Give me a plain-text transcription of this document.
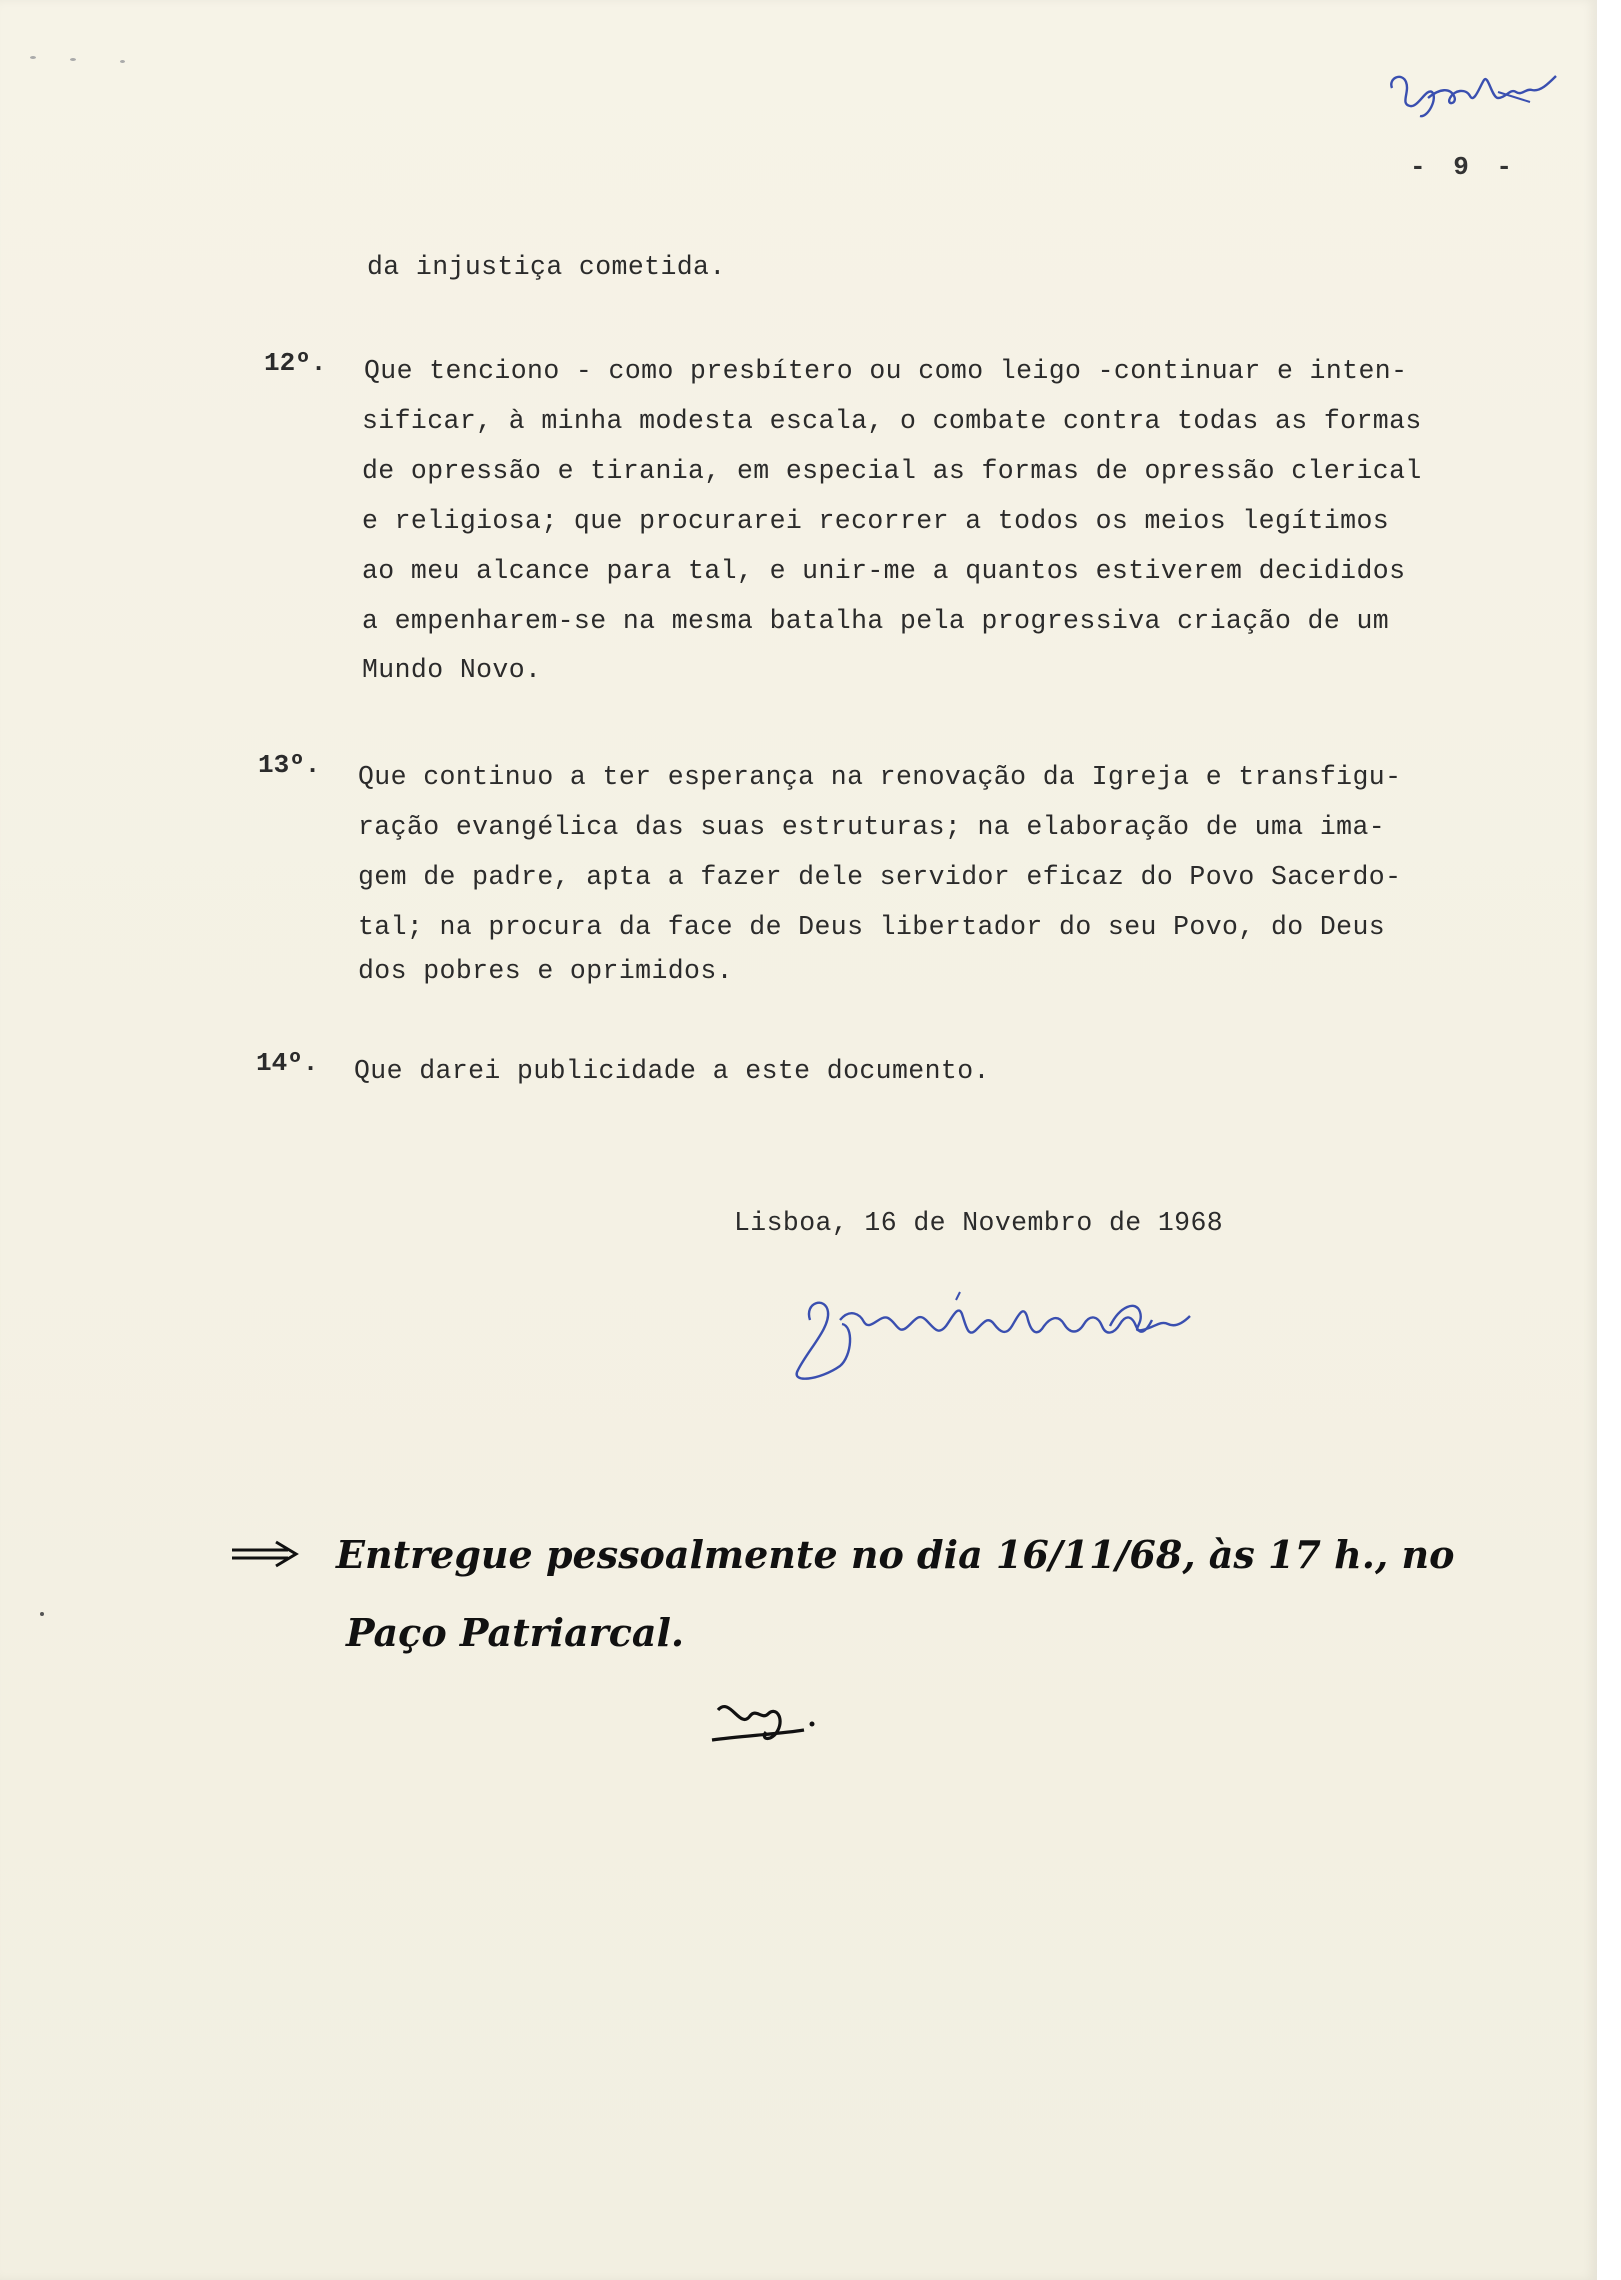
- 9 -
da injustiça cometida.
12º. Que tenciono - como presbítero ou como leigo -continuar e inten-
sificar, à minha modesta escala, o combate contra todas as formas
de opressão e tirania, em especial as formas de opressão clerical
e religiosa; que procurarei recorrer a todos os meios legítimos
ao meu alcance para tal, e unir-me a quantos estiverem decididos
a empenharem-se na mesma batalha pela progressiva criação de um
Mundo Novo.
13º. Que continuo a ter esperança na renovação da Igreja e transfigu-
ração evangélica das suas estruturas; na elaboração de uma ima-
gem de padre, apta a fazer dele servidor eficaz do Povo Sacerdo-
tal; na procura da face de Deus libertador do seu Povo, do Deus
dos pobres e oprimidos.
14º. Que darei publicidade a este documento.
Lisboa, 16 de Novembro de 1968
Entregue pessoalmente no dia 16/11/68, às 17 h., no
Paço Patriarcal.
